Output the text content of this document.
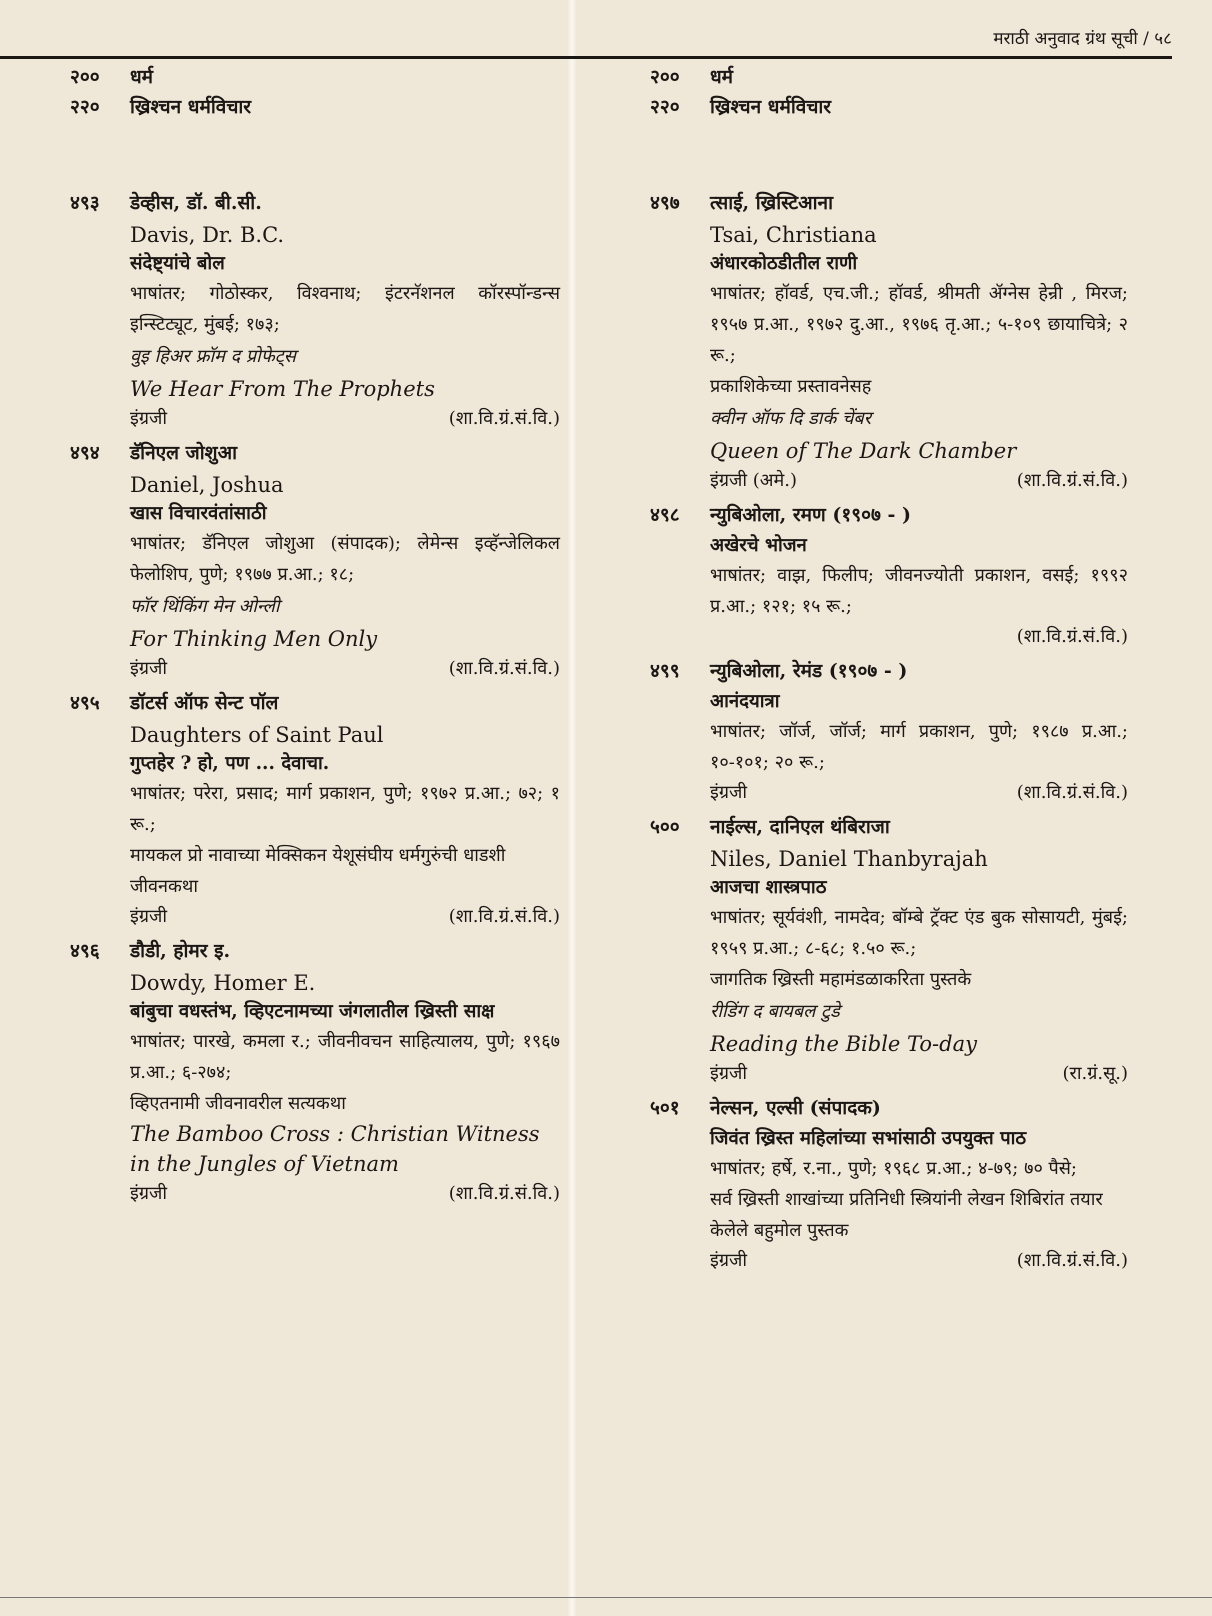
मराठी अनुवाद ग्रंथ सूची / ५८
२००	धर्म
२२०	ख्रिश्चन धर्मविचार
४९३	डेव्हीस, डॉ. बी.सी.
Davis, Dr. B.C.
संदेष्ट्यांचे बोल
भाषांतर; गोठोस्कर, विश्वनाथ; इंटरनॅशनल कॉरस्पॉन्डन्स इन्स्टिट्यूट, मुंबई; १७३;
वुइ हिअर फ्रॉम द प्रोफेट्स
We Hear From The Prophets
इंग्रजी	(शा.वि.ग्रं.सं.वि.)
४९४	डॅनिएल जोशुआ
Daniel, Joshua
खास विचारवंतांसाठी
भाषांतर; डॅनिएल जोशुआ (संपादक); लेमेन्स इव्हॅन्जेलिकल फेलोशिप, पुणे; १९७७ प्र.आ.; १८;
फॉर थिंकिंग मेन ओन्ली
For Thinking Men Only
इंग्रजी	(शा.वि.ग्रं.सं.वि.)
४९५	डॉटर्स ऑफ सेन्ट पॉल
Daughters of Saint Paul
गुप्तहेर ? हो, पण ... देवाचा.
भाषांतर; परेरा, प्रसाद; मार्ग प्रकाशन, पुणे; १९७२ प्र.आ.; ७२; १ रू.;
मायकल प्रो नावाच्या मेक्सिकन येशूसंघीय धर्मगुरुंची धाडशी जीवनकथा
इंग्रजी	(शा.वि.ग्रं.सं.वि.)
४९६	डौडी, होमर इ.
Dowdy, Homer E.
बांबुचा वधस्तंभ, व्हिएटनामच्या जंगलातील ख्रिस्ती साक्ष
भाषांतर; पारखे, कमला र.; जीवनीवचन साहित्यालय, पुणे; १९६७ प्र.आ.; ६-२७४;
व्हिएतनामी जीवनावरील सत्यकथा
The Bamboo Cross : Christian Witness in the Jungles of Vietnam
इंग्रजी	(शा.वि.ग्रं.सं.वि.)
२००	धर्म
२२०	ख्रिश्चन धर्मविचार
४९७	त्साई, ख्रिस्टिआना
Tsai, Christiana
अंधारकोठडीतील राणी
भाषांतर; हॉवर्ड, एच.जी.; हॉवर्ड, श्रीमती ॲग्नेस हेन्री , मिरज; १९५७ प्र.आ., १९७२ दु.आ., १९७६ तृ.आ.; ५-१०९ छायाचित्रे; २ रू.;
प्रकाशिकेच्या प्रस्तावनेसह
क्वीन ऑफ दि डार्क चेंबर
Queen of The Dark Chamber
इंग्रजी (अमे.)	(शा.वि.ग्रं.सं.वि.)
४९८	न्युबिओला, रमण (१९०७ - )
अखेरचे भोजन
भाषांतर; वाझ, फिलीप; जीवनज्योती प्रकाशन, वसई; १९९२ प्र.आ.; १२१; १५ रू.;
(शा.वि.ग्रं.सं.वि.)
४९९	न्युबिओला, रेमंड (१९०७ - )
आनंदयात्रा
भाषांतर; जॉर्ज, जॉर्ज; मार्ग प्रकाशन, पुणे; १९८७ प्र.आ.; १०-१०१; २० रू.;
इंग्रजी	(शा.वि.ग्रं.सं.वि.)
५००	नाईल्स, दानिएल थंबिराजा
Niles, Daniel Thanbyrajah
आजचा शास्त्रपाठ
भाषांतर; सूर्यवंशी, नामदेव; बॉम्बे ट्रॅक्ट एंड बुक सोसायटी, मुंबई; १९५९ प्र.आ.; ८-६८; १.५० रू.;
जागतिक ख्रिस्ती महामंडळाकरिता पुस्तके
रीडिंग द बायबल टुडे
Reading the Bible To-day
इंग्रजी	(रा.ग्रं.सू.)
५०१	नेल्सन, एल्सी (संपादक)
जिवंत ख्रिस्त महिलांच्या सभांसाठी उपयुक्त पाठ
भाषांतर; हर्षे, र.ना., पुणे; १९६८ प्र.आ.; ४-७९; ७० पैसे;
सर्व ख्रिस्ती शाखांच्या प्रतिनिधी स्त्रियांनी लेखन शिबिरांत तयार केलेले बहुमोल पुस्तक
इंग्रजी	(शा.वि.ग्रं.सं.वि.)
